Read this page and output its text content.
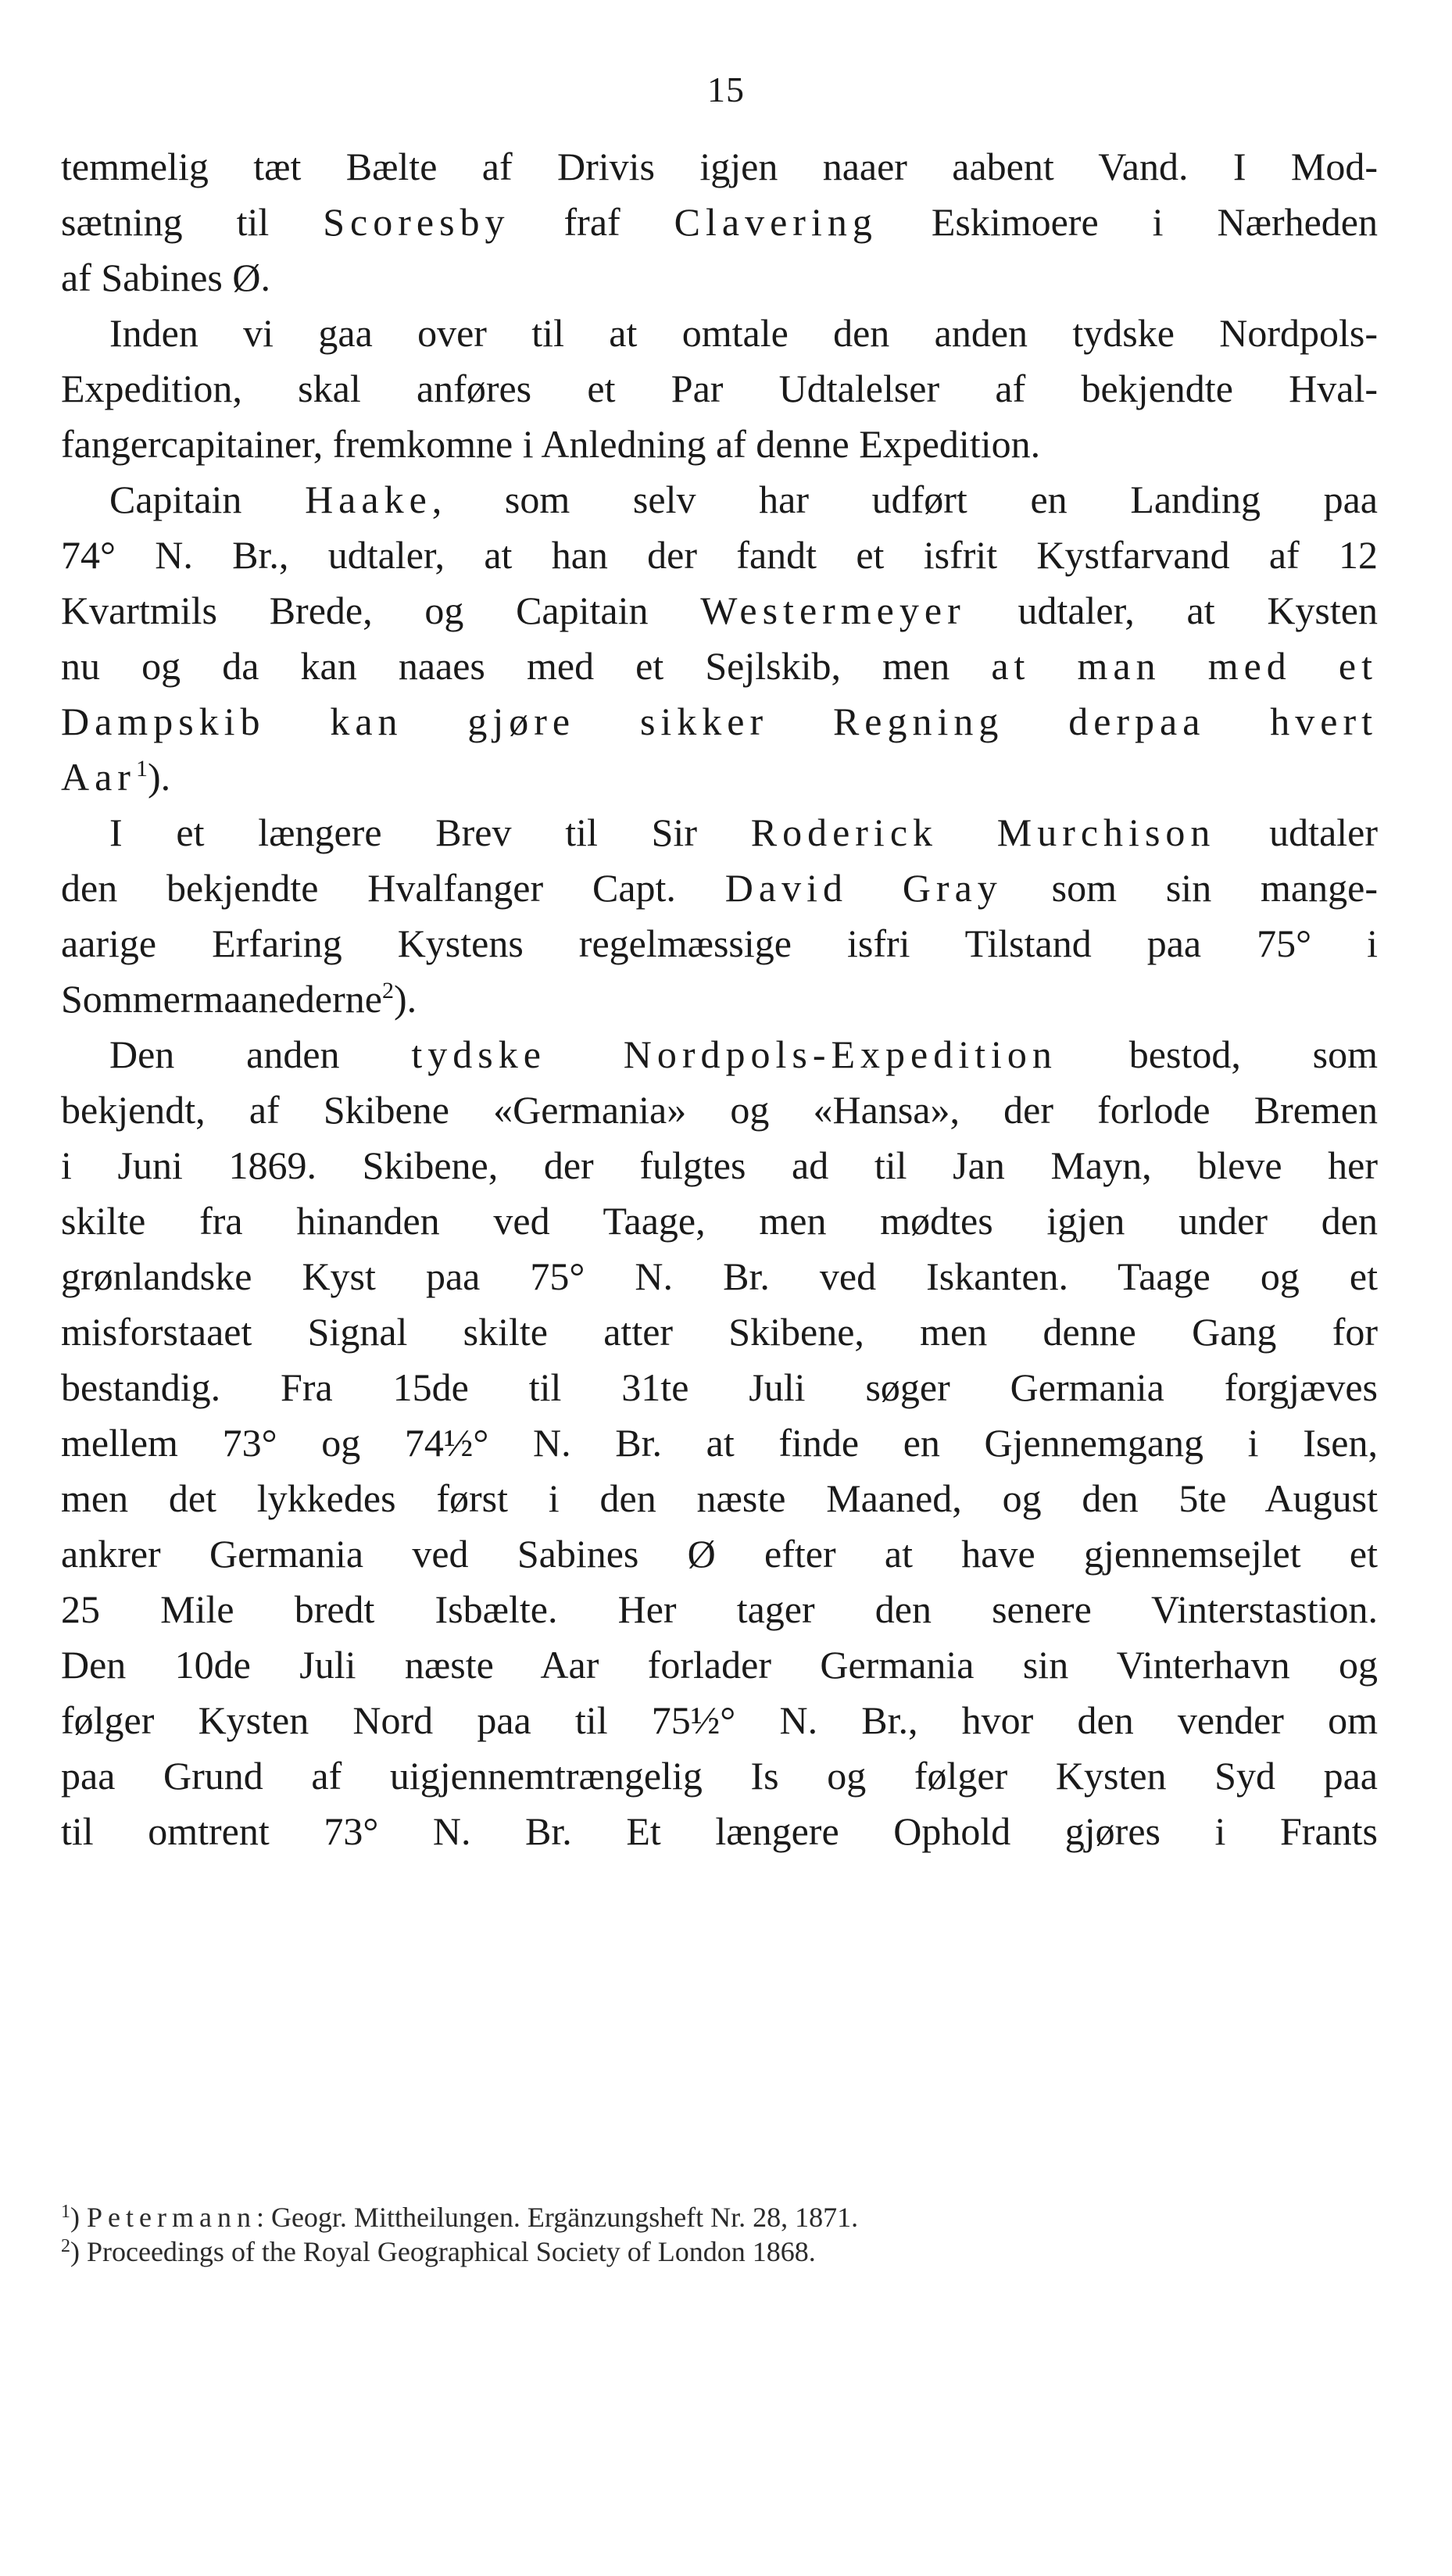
15
temmelig tæt Bælte af Drivis igjen naaer aabent Vand. I Mod-
sætning til Scoresby fraf Clavering Eskimoere i Nærheden
af Sabines Ø.
Inden vi gaa over til at omtale den anden tydske Nordpols-
Expedition, skal anføres et Par Udtalelser af bekjendte Hval-
fangercapitainer, fremkomne i Anledning af denne Expedition.
Capitain Haake, som selv har udført en Landing paa
74° N. Br., udtaler, at han der fandt et isfrit Kystfarvand af 12
Kvartmils Brede, og Capitain Westermeyer udtaler, at Kysten
nu og da kan naaes med et Sejlskib, men at man med et
Dampskib kan gjøre sikker Regning derpaa hvert
Aar$^1$).
I et længere Brev til Sir Roderick Murchison udtaler
den bekjendte Hvalfanger Capt. David Gray som sin mange-
aarige Erfaring Kystens regelmæssige isfri Tilstand paa 75° i
Sommermaanederne$^2$).
Den anden tydske Nordpols-Expedition bestod, som
bekjendt, af Skibene «Germania» og «Hansa», der forlode Bremen
i Juni 1869. Skibene, der fulgtes ad til Jan Mayn, bleve her
skilte fra hinanden ved Taage, men mødtes igjen under den
grønlandske Kyst paa 75° N. Br. ved Iskanten. Taage og et
misforstaaet Signal skilte atter Skibene, men denne Gang for
bestandig. Fra 15de til 31te Juli søger Germania forgjæves
mellem 73° og 74½° N. Br. at finde en Gjennemgang i Isen,
men det lykkedes først i den næste Maaned, og den 5te August
ankrer Germania ved Sabines Ø efter at have gjennemsejlet et
25 Mile bredt Isbælte. Her tager den senere Vinterstastion.
Den 10de Juli næste Aar forlader Germania sin Vinterhavn og
følger Kysten Nord paa til 75½° N. Br., hvor den vender om
paa Grund af uigjennemtrængelig Is og følger Kysten Syd paa
til omtrent 73° N. Br. Et længere Ophold gjøres i Frants
$^1$) Petermann: Geogr. Mittheilungen. Ergänzungsheft Nr. 28, 1871.
$^2$) Proceedings of the Royal Geographical Society of London 1868.
